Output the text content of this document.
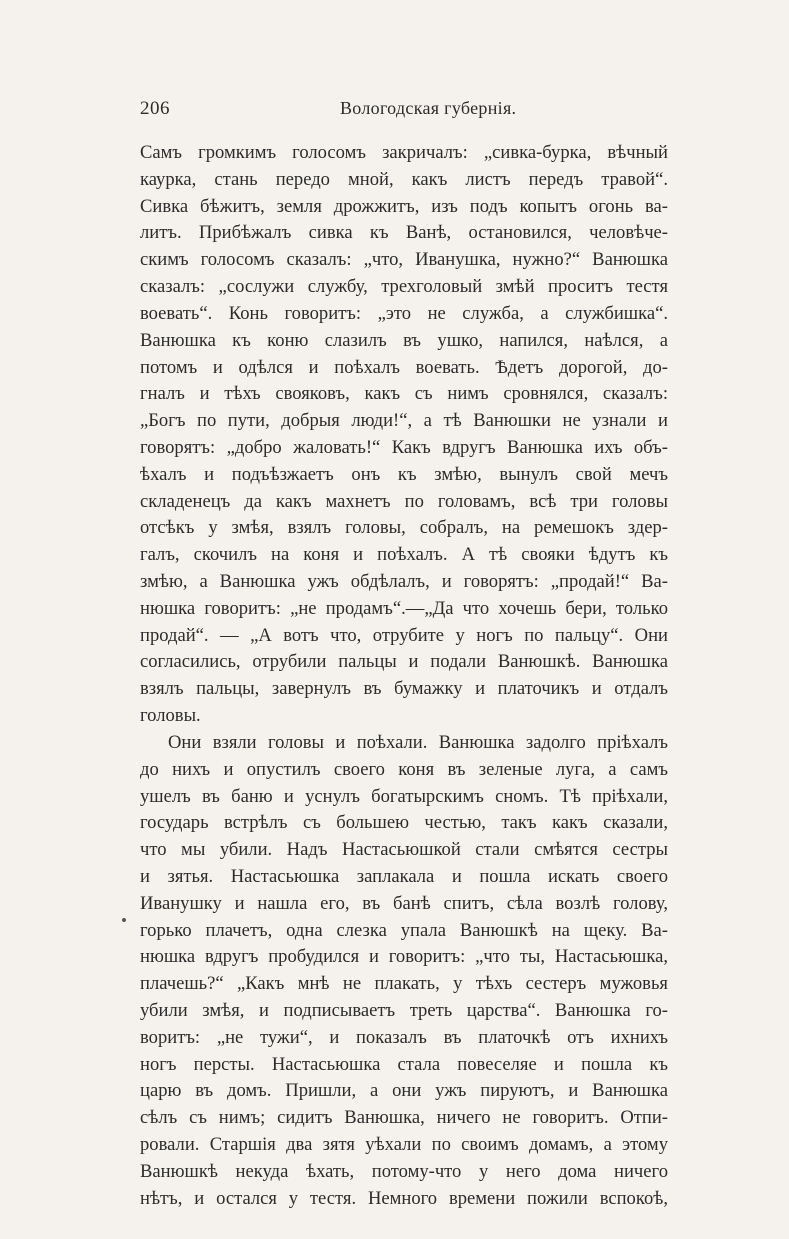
206	Вологодская губернія.
Самъ громкимъ голосомъ закричалъ: „сивка-бурка, вѣчный
каурка, стань передо мной, какъ листъ передъ травой“.
Сивка бѣжитъ, земля дрожжитъ, изъ подъ копытъ огонь ва-
литъ. Прибѣжалъ сивка къ Ванѣ, остановился, человѣче-
скимъ голосомъ сказалъ: „что, Иванушка, нужно?“ Ванюшка
сказалъ: „сослужи службу, трехголовый змѣй проситъ тестя
воевать“. Конь говоритъ: „это не служба, а службишка“.
Ванюшка къ коню слазилъ въ ушко, напился, наѣлся, а
потомъ и одѣлся и поѣхалъ воевать. Ѣдетъ дорогой, до-
гналъ и тѣхъ свояковъ, какъ съ нимъ сровнялся, сказалъ:
„Богъ по пути, добрыя люди!“, а тѣ Ванюшки не узнали и
говорятъ: „добро жаловать!“ Какъ вдругъ Ванюшка ихъ объ-
ѣхалъ и подъѣзжаетъ онъ къ змѣю, вынулъ свой мечъ
складенецъ да какъ махнетъ по головамъ, всѣ три головы
отсѣкъ у змѣя, взялъ головы, собралъ, на ремешокъ здер-
галъ, скочилъ на коня и поѣхалъ. А тѣ свояки ѣдутъ къ
змѣю, а Ванюшка ужъ обдѣлалъ, и говорятъ: „продай!“ Ва-
нюшка говоритъ: „не продамъ“.—„Да что хочешь бери, только
продай“. — „А вотъ что, отрубите у ногъ по пальцу“. Они
согласились, отрубили пальцы и подали Ванюшкѣ. Ванюшка
взялъ пальцы, завернулъ въ бумажку и платочикъ и отдалъ
головы.
Они взяли головы и поѣхали. Ванюшка задолго пріѣхалъ
до нихъ и опустилъ своего коня въ зеленые луга, а самъ
ушелъ въ баню и уснулъ богатырскимъ сномъ. Тѣ пріѣхали,
государь встрѣлъ съ большею честью, такъ какъ сказали,
что мы убили. Надъ Настасьюшкой стали смѣятся сестры
и зятья. Настасьюшка заплакала и пошла искать своего
Иванушку и нашла его, въ банѣ спитъ, сѣла возлѣ голову,
горько плачетъ, одна слезка упала Ванюшкѣ на щеку. Ва-
нюшка вдругъ пробудился и говоритъ: „что ты, Настасьюшка,
плачешь?“ „Какъ мнѣ не плакать, у тѣхъ сестеръ мужовья
убили змѣя, и подписываетъ треть царства“. Ванюшка го-
воритъ: „не тужи“, и показалъ въ платочкѣ отъ ихнихъ
ногъ персты. Настасьюшка стала повеселяе и пошла къ
царю въ домъ. Пришли, а они ужъ пируютъ, и Ванюшка
сѣлъ съ нимъ; сидитъ Ванюшка, ничего не говоритъ. Отпи-
ровали. Старшія два зятя уѣхали по своимъ домамъ, а этому
Ванюшкѣ некуда ѣхать, потому-что у него дома ничего
нѣтъ, и остался у тестя. Немного времени пожили вспокоѣ,
